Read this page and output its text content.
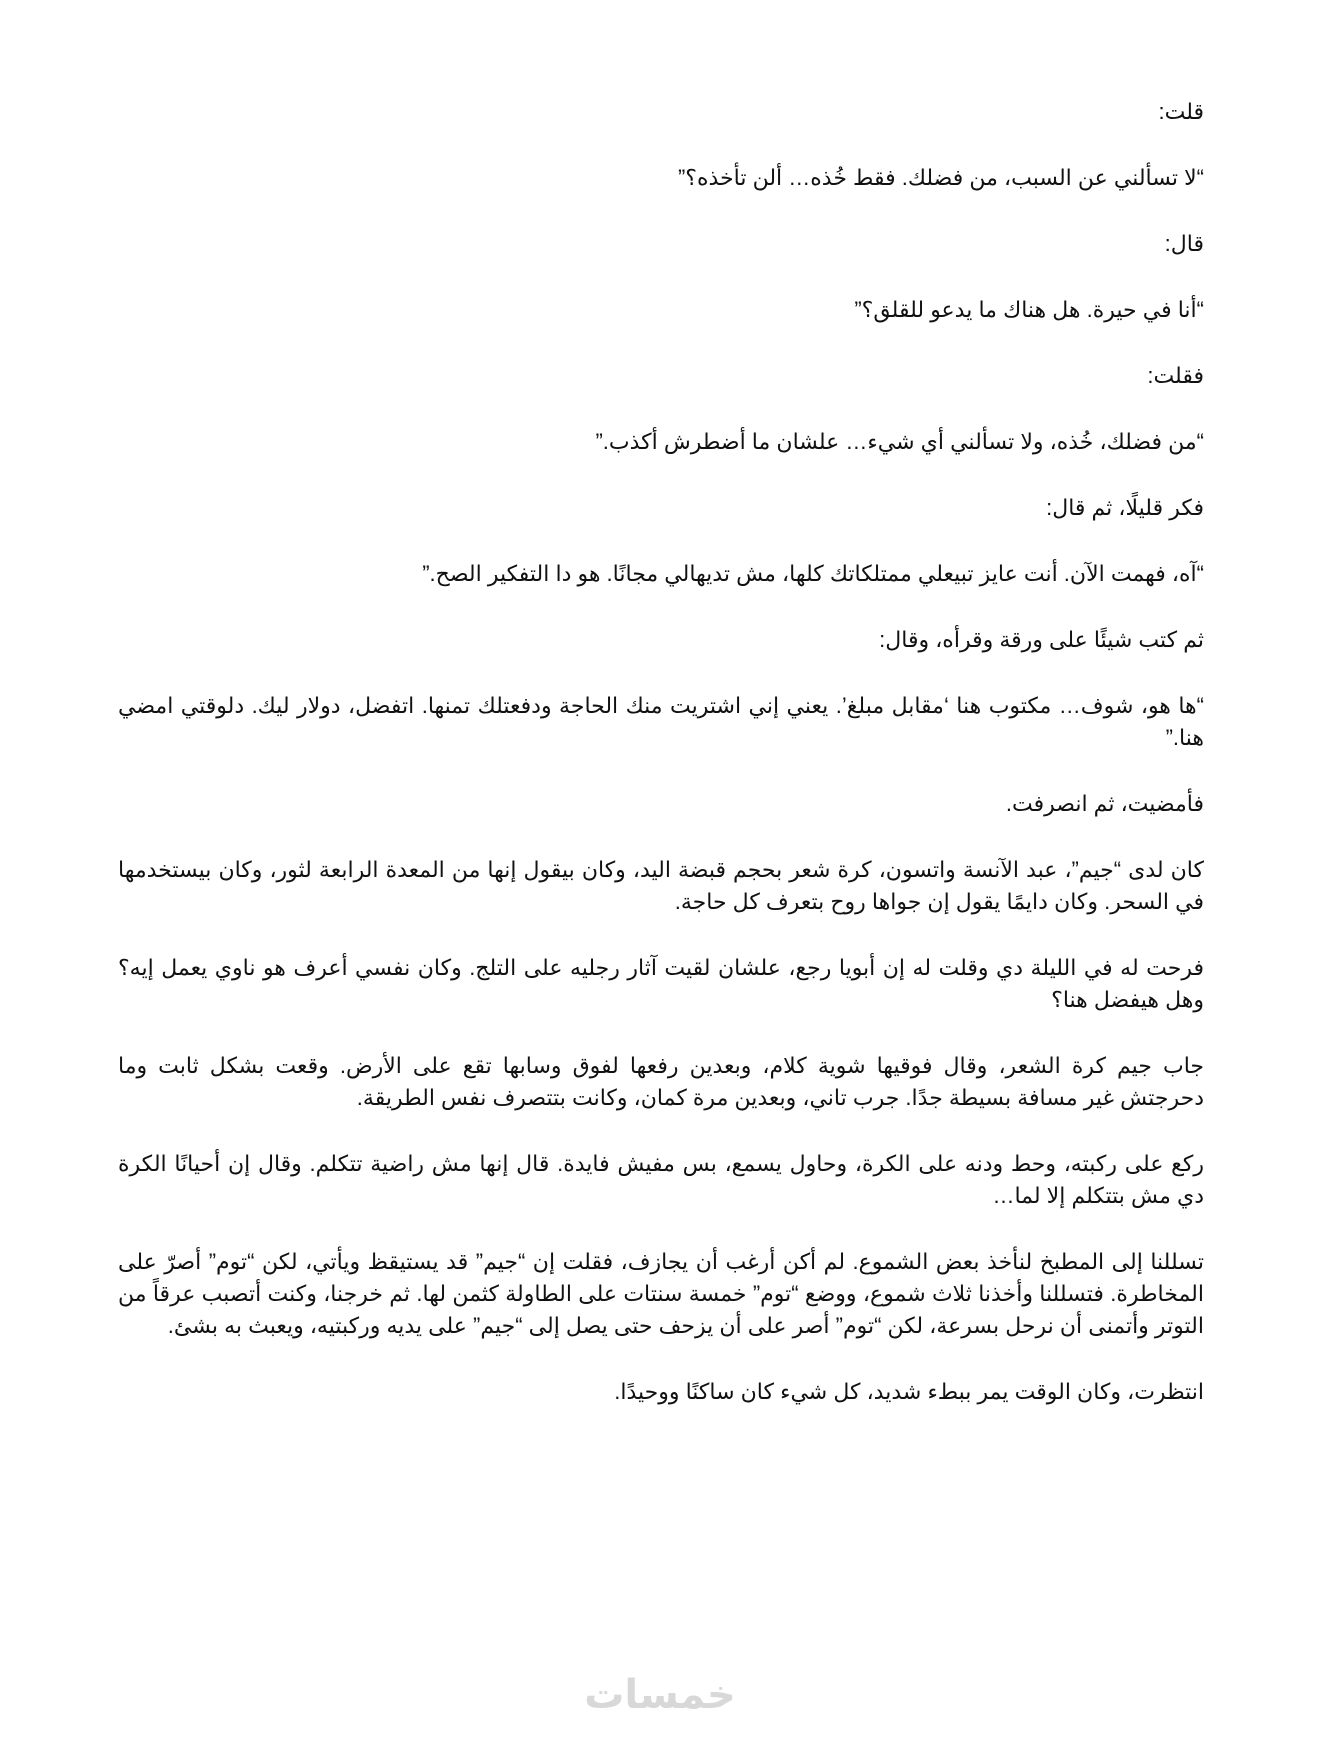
قلت:

“لا تسألني عن السبب، من فضلك. فقط خُذه… ألن تأخذه؟”

قال:

“أنا في حيرة. هل هناك ما يدعو للقلق؟”

فقلت:

“من فضلك، خُذه، ولا تسألني أي شيء… علشان ما أضطرش أكذب.”

فكر قليلًا، ثم قال:

“آه، فهمت الآن. أنت عايز تبيعلي ممتلكاتك كلها، مش تديهالي مجانًا. هو دا التفكير الصح.”

ثم كتب شيئًا على ورقة وقرأه، وقال:

“ها هو، شوف… مكتوب هنا ‘مقابل مبلغ’. يعني إني اشتريت منك الحاجة ودفعتلك تمنها. اتفضل، دولار ليك. دلوقتي امضي هنا.”

فأمضيت، ثم انصرفت.

كان لدى “جيم”، عبد الآنسة واتسون، كرة شعر بحجم قبضة اليد، وكان بيقول إنها من المعدة الرابعة لثور، وكان بيستخدمها في السحر. وكان دايمًا يقول إن جواها روح بتعرف كل حاجة.

فرحت له في الليلة دي وقلت له إن أبويا رجع، علشان لقيت آثار رجليه على التلج. وكان نفسي أعرف هو ناوي يعمل إيه؟ وهل هيفضل هنا؟

جاب جيم كرة الشعر، وقال فوقيها شوية كلام، وبعدين رفعها لفوق وسابها تقع على الأرض. وقعت بشكل ثابت وما دحرجتش غير مسافة بسيطة جدًا. جرب تاني، وبعدين مرة كمان، وكانت بتتصرف نفس الطريقة.

ركع على ركبته، وحط ودنه على الكرة، وحاول يسمع، بس مفيش فايدة. قال إنها مش راضية تتكلم. وقال إن أحيانًا الكرة دي مش بتتكلم إلا لما…

تسللنا إلى المطبخ لنأخذ بعض الشموع. لم أكن أرغب أن يجازف، فقلت إن “جيم” قد يستيقظ ويأتي، لكن “توم” أصرّ على المخاطرة. فتسللنا وأخذنا ثلاث شموع، ووضع “توم” خمسة سنتات على الطاولة كثمن لها. ثم خرجنا، وكنت أتصبب عرقاً من التوتر وأتمنى أن نرحل بسرعة، لكن “توم” أصر على أن يزحف حتى يصل إلى “جيم” على يديه وركبتيه، ويعبث به بشئ.

انتظرت، وكان الوقت يمر ببطء شديد، كل شيء كان ساكنًا ووحيدًا.

خمسات
